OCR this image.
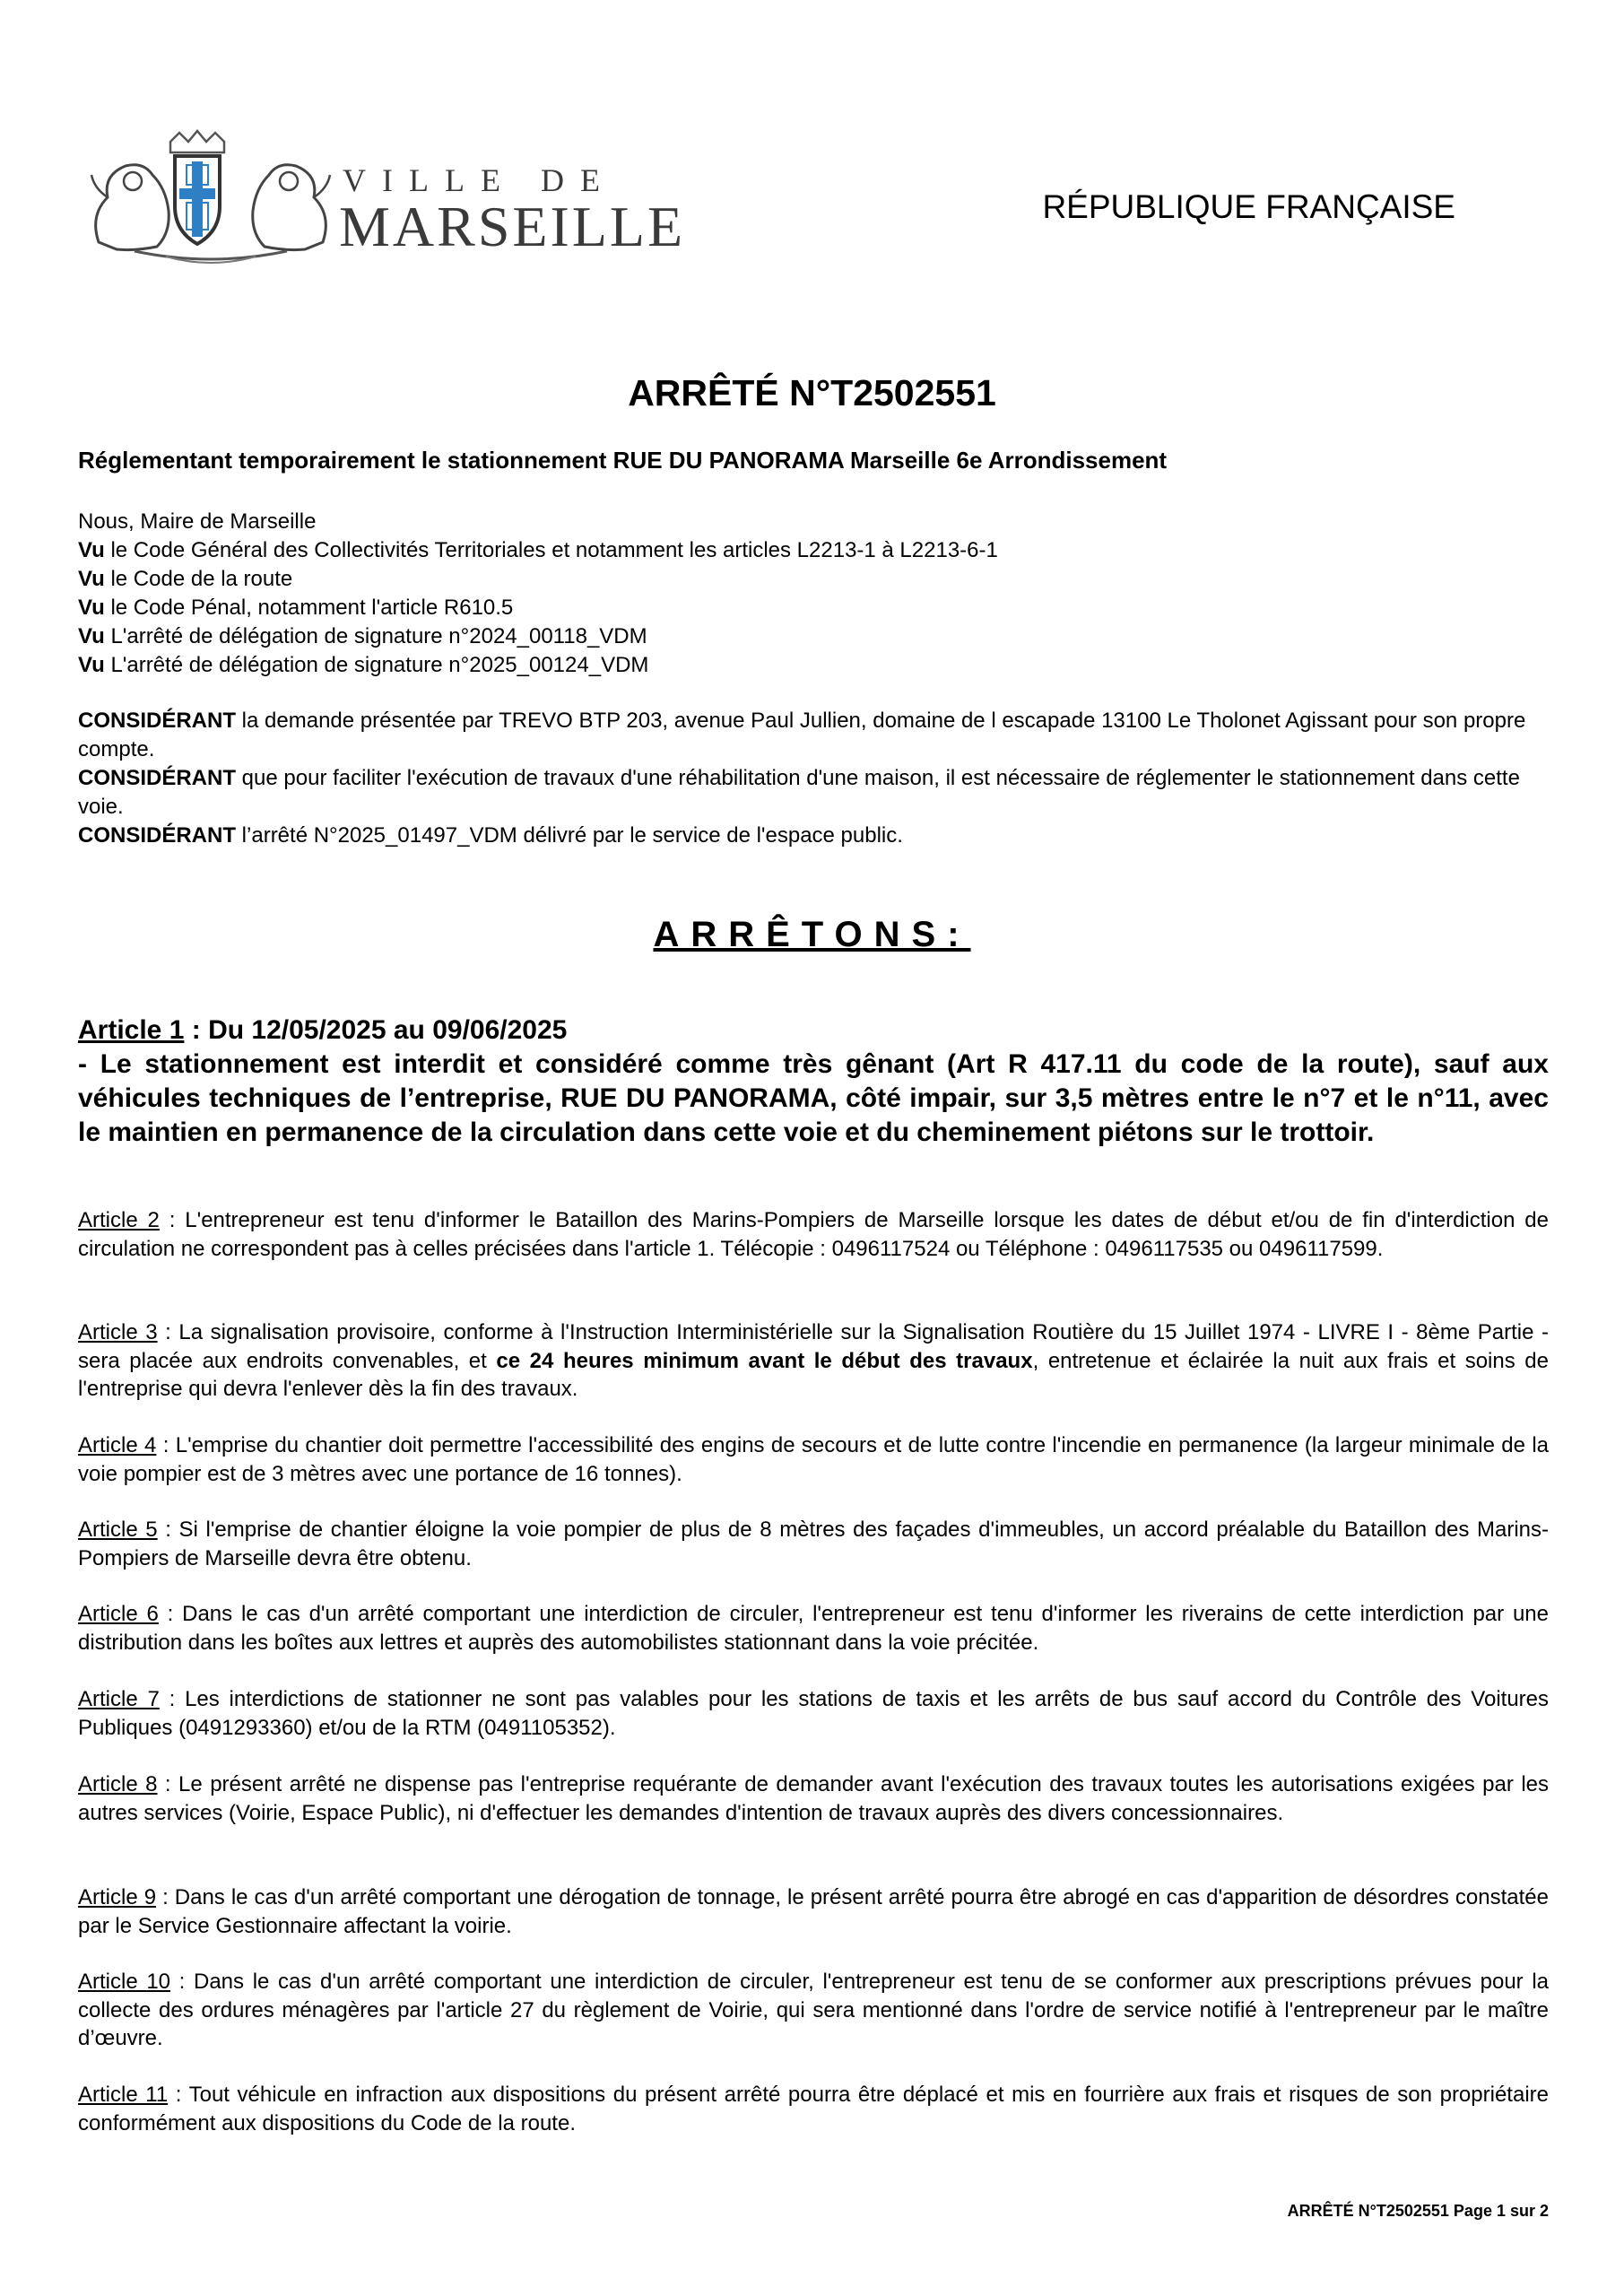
VILLE DE
MARSEILLE	RÉPUBLIQUE FRANÇAISE
ARRÊTÉ N°T2502551
Réglementant temporairement le stationnement RUE DU PANORAMA Marseille 6e Arrondissement
Nous, Maire de Marseille
Vu le Code Général des Collectivités Territoriales et notamment les articles L2213-1 à L2213-6-1
Vu le Code de la route
Vu le Code Pénal, notamment l'article R610.5
Vu L'arrêté de délégation de signature n°2024_00118_VDM
Vu L'arrêté de délégation de signature n°2025_00124_VDM
CONSIDÉRANT la demande présentée par TREVO BTP 203, avenue Paul Jullien, domaine de l escapade 13100 Le Tholonet Agissant pour son propre compte.
CONSIDÉRANT que pour faciliter l'exécution de travaux d'une réhabilitation d'une maison, il est nécessaire de réglementer le stationnement dans cette voie.
CONSIDÉRANT l’arrêté N°2025_01497_VDM délivré par le service de l'espace public.
ARRÊTONS:
Article 1 : Du 12/05/2025 au 09/06/2025
- Le stationnement est interdit et considéré comme très gênant (Art R 417.11 du code de la route), sauf aux véhicules techniques de l’entreprise, RUE DU PANORAMA, côté impair, sur 3,5 mètres entre le n°7 et le n°11, avec le maintien en permanence de la circulation dans cette voie et du cheminement piétons sur le trottoir.
Article 2 : L'entrepreneur est tenu d'informer le Bataillon des Marins-Pompiers de Marseille lorsque les dates de début et/ou de fin d'interdiction de circulation ne correspondent pas à celles précisées dans l'article 1. Télécopie : 0496117524 ou Téléphone : 0496117535 ou 0496117599.
Article 3 : La signalisation provisoire, conforme à l'Instruction Interministérielle sur la Signalisation Routière du 15 Juillet 1974 - LIVRE I - 8ème Partie - sera placée aux endroits convenables, et ce 24 heures minimum avant le début des travaux, entretenue et éclairée la nuit aux frais et soins de l'entreprise qui devra l'enlever dès la fin des travaux.
Article 4 : L'emprise du chantier doit permettre l'accessibilité des engins de secours et de lutte contre l'incendie en permanence (la largeur minimale de la voie pompier est de 3 mètres avec une portance de 16 tonnes).
Article 5 : Si l'emprise de chantier éloigne la voie pompier de plus de 8 mètres des façades d'immeubles, un accord préalable du Bataillon des Marins-Pompiers de Marseille devra être obtenu.
Article 6 : Dans le cas d'un arrêté comportant une interdiction de circuler, l'entrepreneur est tenu d'informer les riverains de cette interdiction par une distribution dans les boîtes aux lettres et auprès des automobilistes stationnant dans la voie précitée.
Article 7 : Les interdictions de stationner ne sont pas valables pour les stations de taxis et les arrêts de bus sauf accord du Contrôle des Voitures Publiques (0491293360) et/ou de la RTM (0491105352).
Article 8 : Le présent arrêté ne dispense pas l'entreprise requérante de demander avant l'exécution des travaux toutes les autorisations exigées par les autres services (Voirie, Espace Public), ni d'effectuer les demandes d'intention de travaux auprès des divers concessionnaires.
Article 9 : Dans le cas d'un arrêté comportant une dérogation de tonnage, le présent arrêté pourra être abrogé en cas d'apparition de désordres constatée par le Service Gestionnaire affectant la voirie.
Article 10 : Dans le cas d'un arrêté comportant une interdiction de circuler, l'entrepreneur est tenu de se conformer aux prescriptions prévues pour la collecte des ordures ménagères par l'article 27 du règlement de Voirie, qui sera mentionné dans l'ordre de service notifié à l'entrepreneur par le maître d’œuvre.
Article 11 : Tout véhicule en infraction aux dispositions du présent arrêté pourra être déplacé et mis en fourrière aux frais et risques de son propriétaire conformément aux dispositions du Code de la route.
ARRÊTÉ N°T2502551 Page 1 sur 2
